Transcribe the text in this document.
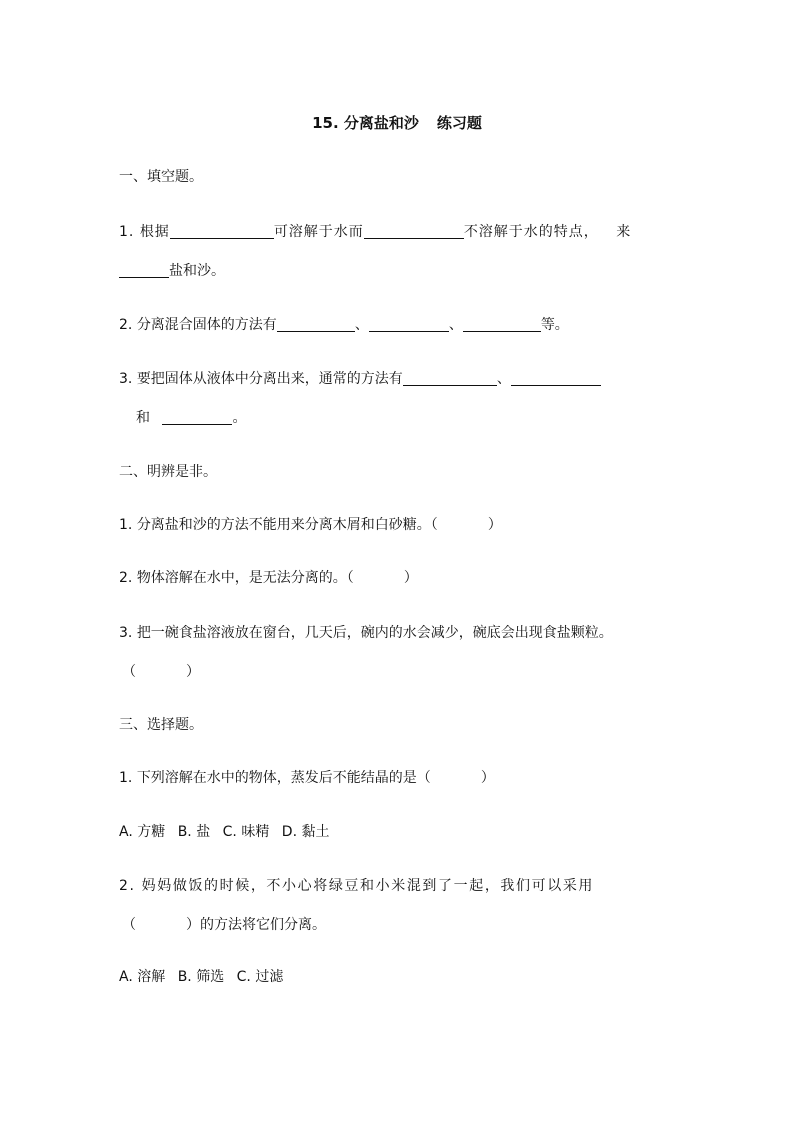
15. 分离盐和沙 练习题
一、填空题。
1. 根据	可溶解于水而	不溶解于水的特点， 来
盐和沙。
2. 分离混合固体的方法有	、	、	等。
3. 要把固体从液体中分离出来，通常的方法有	、
和	。
二、明辨是非。
1. 分离盐和沙的方法不能用来分离木屑和白砂糖。（	）
2. 物体溶解在水中，是无法分离的。（	）
3. 把一碗食盐溶液放在窗台，几天后，碗内的水会减少，碗底会出现食盐颗粒。
（	）
三、选择题。
1. 下列溶解在水中的物体，蒸发后不能结晶的是（	）
A. 方糖 B. 盐 C. 味精 D. 黏土
2. 妈妈做饭的时候，不小心将绿豆和小米混到了一起，我们可以采用
（	）的方法将它们分离。
A. 溶解 B. 筛选 C. 过滤
